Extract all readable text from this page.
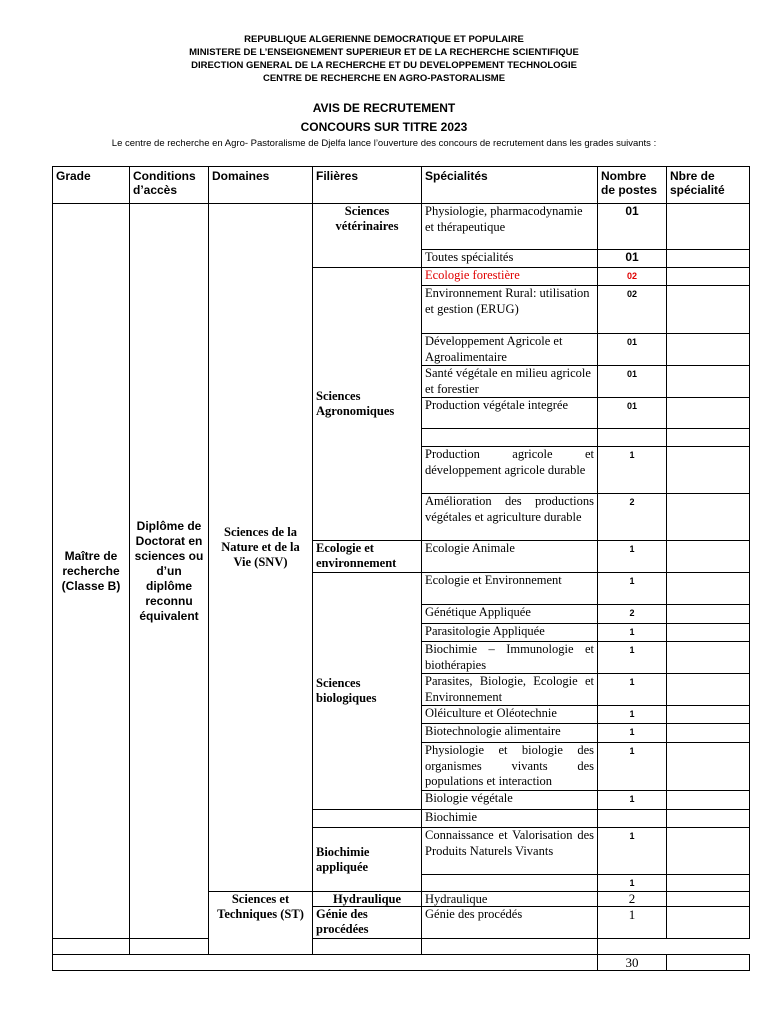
REPUBLIQUE ALGERIENNE DEMOCRATIQUE ET POPULAIRE
MINISTERE DE L’ENSEIGNEMENT SUPERIEUR ET DE LA RECHERCHE SCIENTIFIQUE
DIRECTION GENERAL DE LA RECHERCHE ET DU DEVELOPPEMENT TECHNOLOGIE
CENTRE DE RECHERCHE EN AGRO-PASTORALISME
AVIS DE RECRUTEMENT
CONCOURS SUR TITRE 2023
Le centre de recherche en Agro- Pastoralisme de Djelfa lance l’ouverture des concours de recrutement dans les grades suivants :
Grade	Conditions d’accès	Domaines	Filières	Spécialités	Nombre de postes	Nbre de spécialité
Maître de recherche (Classe B)	Diplôme de Doctorat en sciences ou d’un diplôme reconnu équivalent	Sciences de la Nature et de la Vie (SNV)	Sciences vétérinaires	Physiologie, pharmacodynamie et thérapeutique	01	
				Toutes spécialités	01	
			Sciences Agronomiques	Ecologie forestière	02	
				Environnement Rural: utilisation et gestion (ERUG)	02	
				Développement Agricole et Agroalimentaire	01	
				Santé végétale en milieu agricole et forestier	01	
				Production végétale integrée	01	

				Production agricole et développement agricole durable	1	
				Amélioration des productions végétales et agriculture durable	2	
			Ecologie et environnement	Ecologie Animale	1	
			Sciences biologiques	Ecologie et Environnement	1	
				Génétique Appliquée	2	
				Parasitologie Appliquée	1	
				Biochimie – Immunologie et biothérapies	1	
				Parasites, Biologie, Ecologie et Environnement	1	
				Oléiculture et Oléotechnie	1	
				Biotechnologie alimentaire	1	
				Physiologie et biologie des organismes vivants des populations et interaction	1	
				Biologie végétale	1	
				Biochimie		
			Biochimie appliquée	Connaissance et Valorisation des Produits Naturels Vivants	1	
					1	
		Sciences et Techniques (ST)	Hydraulique	Hydraulique	2	
			Génie des procédées	Génie des procédés	1	

					30	
